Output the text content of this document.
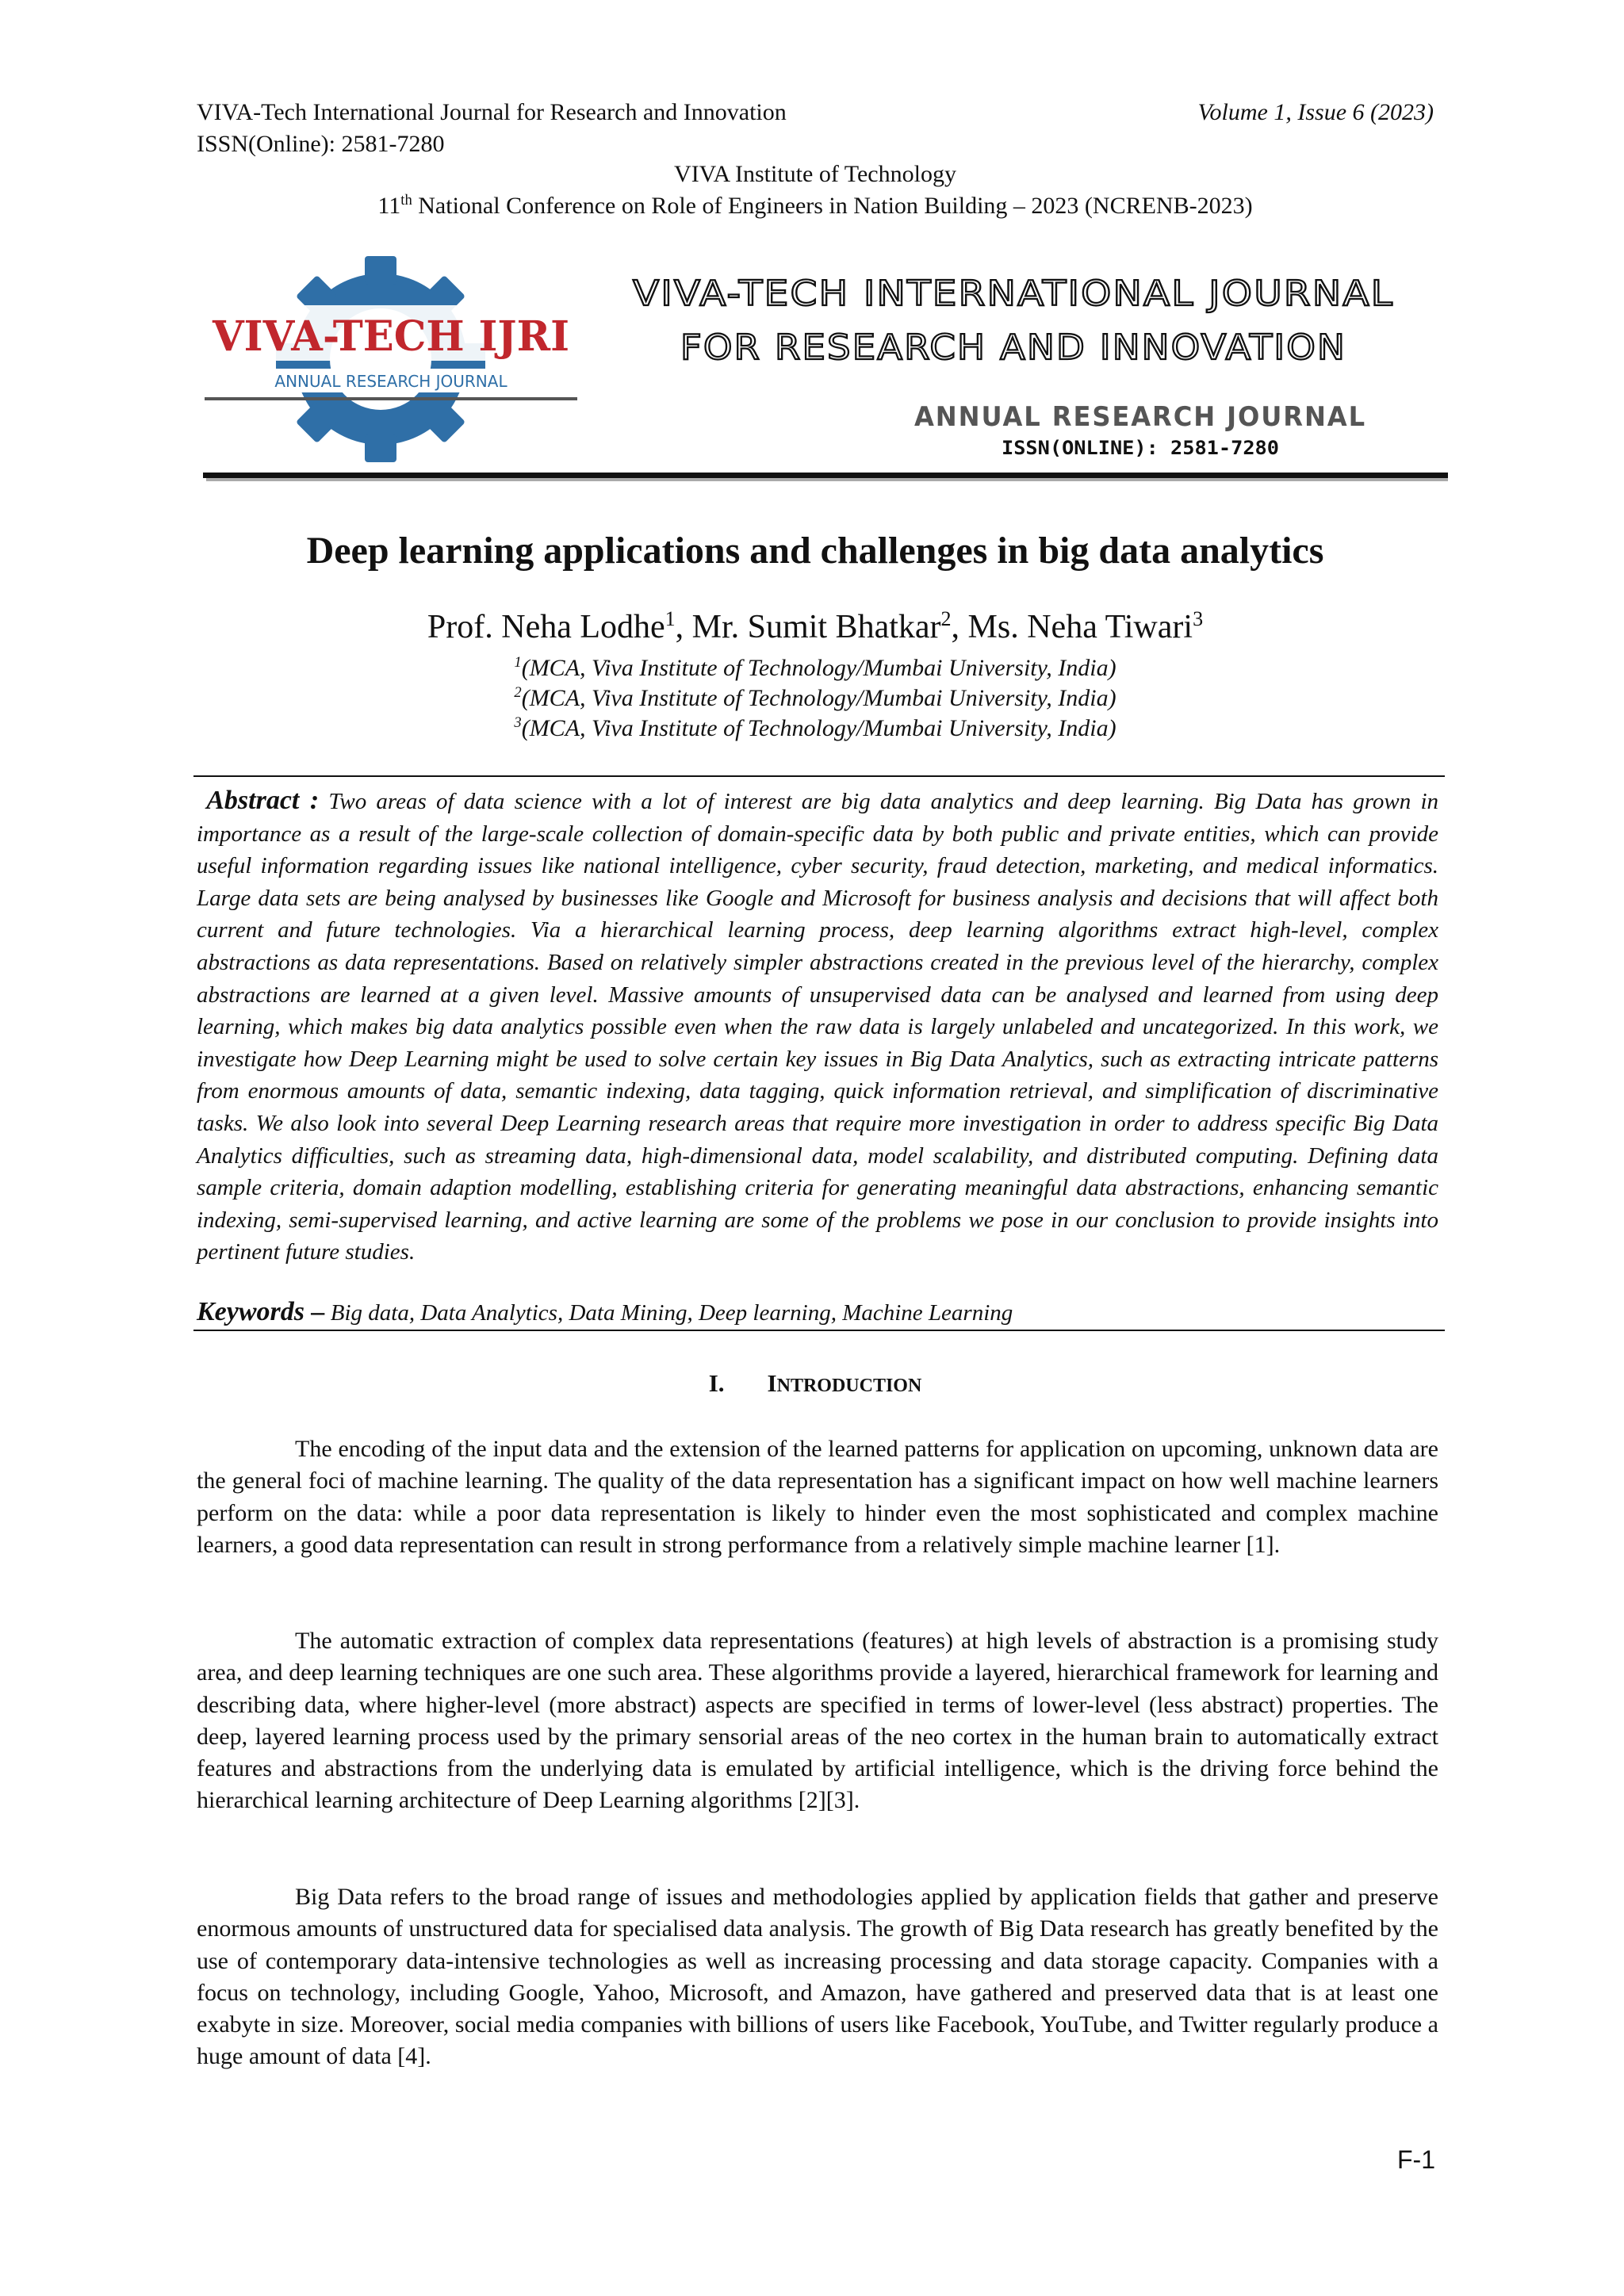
VIVA-Tech International Journal for Research and Innovation
ISSN(Online): 2581-7280
Volume 1, Issue 6 (2023)
VIVA Institute of Technology
11th National Conference on Role of Engineers in Nation Building – 2023 (NCRENB-2023)
VIVA-TECH IJRI
ANNUAL RESEARCH JOURNAL
VIVA-TECH INTERNATIONAL JOURNAL
FOR RESEARCH AND INNOVATION
ANNUAL RESEARCH JOURNAL
ISSN(ONLINE): 2581-7280
Deep learning applications and challenges in big data analytics
Prof. Neha Lodhe$^1$, Mr. Sumit Bhatkar$^2$, Ms. Neha Tiwari$^3$
$^1$(MCA, Viva Institute of Technology/Mumbai University, India)
$^2$(MCA, Viva Institute of Technology/Mumbai University, India)
$^3$(MCA, Viva Institute of Technology/Mumbai University, India)
Abstract : Two areas of data science with a lot of interest are big data analytics and deep learning. Big Data has grown in importance as a result of the large-scale collection of domain-specific data by both public and private entities, which can provide useful information regarding issues like national intelligence, cyber security, fraud detection, marketing, and medical informatics. Large data sets are being analysed by businesses like Google and Microsoft for business analysis and decisions that will affect both current and future technologies. Via a hierarchical learning process, deep learning algorithms extract high-level, complex abstractions as data representations. Based on relatively simpler abstractions created in the previous level of the hierarchy, complex abstractions are learned at a given level. Massive amounts of unsupervised data can be analysed and learned from using deep learning, which makes big data analytics possible even when the raw data is largely unlabeled and uncategorized. In this work, we investigate how Deep Learning might be used to solve certain key issues in Big Data Analytics, such as extracting intricate patterns from enormous amounts of data, semantic indexing, data tagging, quick information retrieval, and simplification of discriminative tasks. We also look into several Deep Learning research areas that require more investigation in order to address specific Big Data Analytics difficulties, such as streaming data, high-dimensional data, model scalability, and distributed computing. Defining data sample criteria, domain adaption modelling, establishing criteria for generating meaningful data abstractions, enhancing semantic indexing, semi-supervised learning, and active learning are some of the problems we pose in our conclusion to provide insights into pertinent future studies.
Keywords – Big data, Data Analytics, Data Mining, Deep learning, Machine Learning
I. INTRODUCTION
The encoding of the input data and the extension of the learned patterns for application on upcoming, unknown data are the general foci of machine learning. The quality of the data representation has a significant impact on how well machine learners perform on the data: while a poor data representation is likely to hinder even the most sophisticated and complex machine learners, a good data representation can result in strong performance from a relatively simple machine learner [1].
The automatic extraction of complex data representations (features) at high levels of abstraction is a promising study area, and deep learning techniques are one such area. These algorithms provide a layered, hierarchical framework for learning and describing data, where higher-level (more abstract) aspects are specified in terms of lower-level (less abstract) properties. The deep, layered learning process used by the primary sensorial areas of the neo cortex in the human brain to automatically extract features and abstractions from the underlying data is emulated by artificial intelligence, which is the driving force behind the hierarchical learning architecture of Deep Learning algorithms [2][3].
Big Data refers to the broad range of issues and methodologies applied by application fields that gather and preserve enormous amounts of unstructured data for specialised data analysis. The growth of Big Data research has greatly benefited by the use of contemporary data-intensive technologies as well as increasing processing and data storage capacity. Companies with a focus on technology, including Google, Yahoo, Microsoft, and Amazon, have gathered and preserved data that is at least one exabyte in size. Moreover, social media companies with billions of users like Facebook, YouTube, and Twitter regularly produce a huge amount of data [4].
F-1
